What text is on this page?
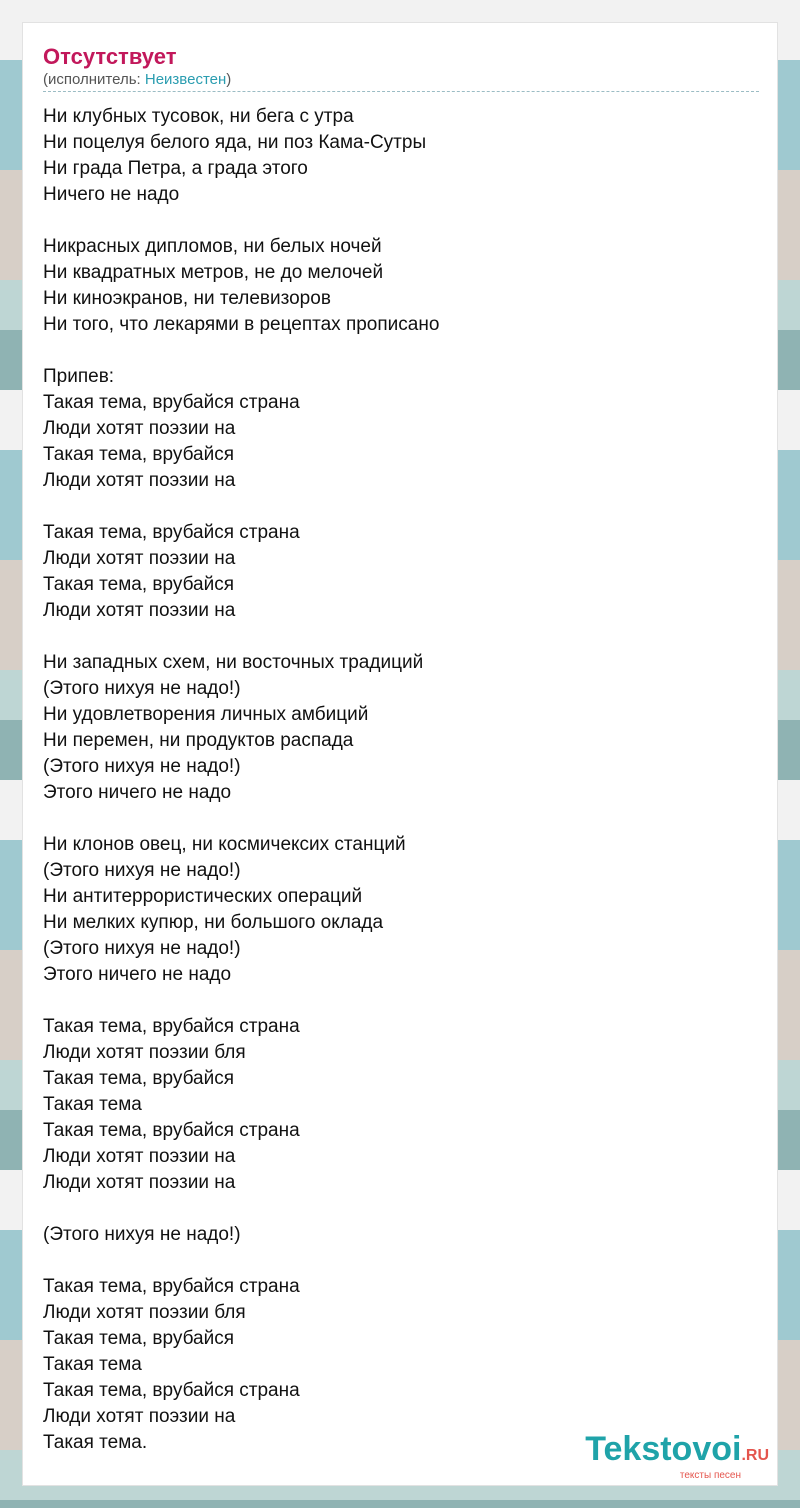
Отсутствует
(исполнитель: Неизвестен)
Ни клубных тусовок, ни бега с утра
Ни поцелуя белого яда, ни поз Кама-Сутры
Ни града Петра, а града этого
Ничего не надо
Никрасных дипломов, ни белых ночей
Ни квадратных метров, не до мелочей
Ни киноэкранов, ни телевизоров
Ни того, что лекарями в рецептах прописано
Припев:
Такая тема, врубайся страна
Люди хотят поэзии на
Такая тема, врубайся
Люди хотят поэзии на
Такая тема, врубайся страна
Люди хотят поэзии на
Такая тема, врубайся
Люди хотят поэзии на
Ни западных схем, ни восточных традиций
(Этого нихуя не надо!)
Ни удовлетворения личных амбиций
Ни перемен, ни продуктов распада
(Этого нихуя не надо!)
Этого ничего не надо
Ни клонов овец, ни космичексих станций
(Этого нихуя не надо!)
Ни антитеррористических операций
Ни мелких купюр, ни большого оклада
(Этого нихуя не надо!)
Этого ничего не надо
Такая тема, врубайся страна
Люди хотят поэзии бля
Такая тема, врубайся
Такая тема
Такая тема, врубайся страна
Люди хотят поэзии на
Люди хотят поэзии на
(Этого нихуя не надо!)
Такая тема, врубайся страна
Люди хотят поэзии бля
Такая тема, врубайся
Такая тема
Такая тема, врубайся страна
Люди хотят поэзии на
Такая тема.	Tekstovoi.RU
тексты песен
